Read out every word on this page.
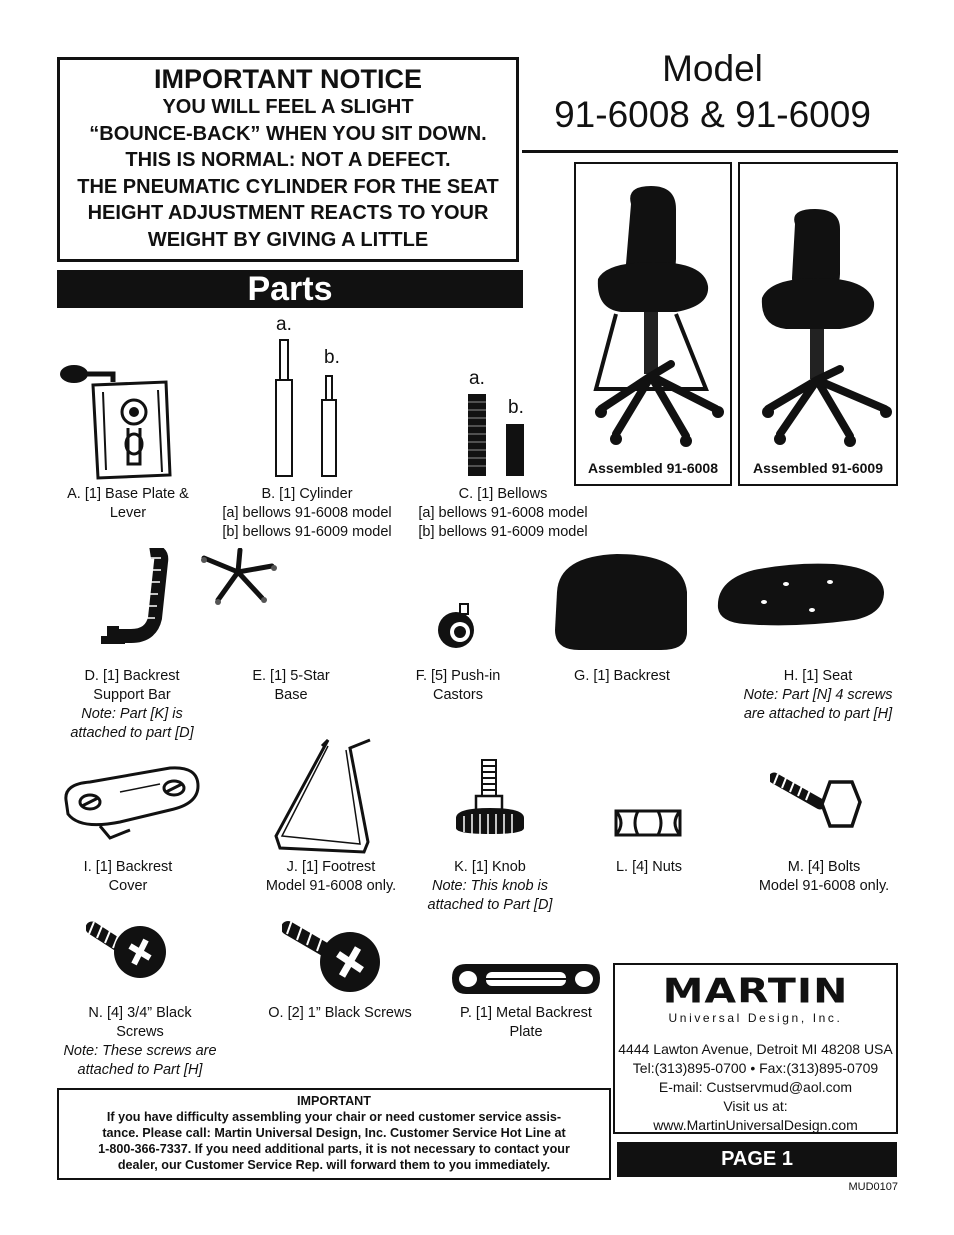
IMPORTANT NOTICE
YOU WILL FEEL A SLIGHT
“BOUNCE-BACK” WHEN YOU SIT DOWN.
THIS IS NORMAL: NOT A DEFECT.
THE PNEUMATIC CYLINDER FOR THE SEAT
HEIGHT ADJUSTMENT REACTS TO YOUR
WEIGHT BY GIVING A LITTLE
Model
91-6008 & 91-6009
Parts
Assembled 91-6008	Assembled 91-6009
a.
b.
a.
b.
A. [1] Base Plate &
Lever
B. [1] Cylinder
[a] bellows 91-6008 model
[b] bellows 91-6009 model
C. [1] Bellows
[a] bellows 91-6008 model
[b] bellows 91-6009 model
D. [1] Backrest
Support Bar
Note: Part [K] is
attached to part [D]
E. [1] 5-Star
Base
F. [5] Push-in
Castors
G. [1] Backrest	H. [1] Seat
Note: Part [N] 4 screws
are attached to part [H]
I. [1] Backrest
Cover
J. [1] Footrest
Model 91-6008 only.
K. [1] Knob
Note: This knob is
attached to Part [D]
L. [4] Nuts	M. [4] Bolts
Model 91-6008 only.
N. [4] 3/4” Black
Screws
Note: These screws are
attached to Part [H]
O. [2] 1” Black Screws	P. [1] Metal Backrest
Plate
IMPORTANT
If you have difficulty assembling your chair or need customer service assis-
tance. Please call: Martin Universal Design, Inc. Customer Service Hot Line at
1-800-366-7337. If you need additional parts, it is not necessary to contact your
dealer, our Customer Service Rep. will forward them to you immediately.
MARTIN
Universal Design, Inc.
4444 Lawton Avenue, Detroit MI 48208 USA
Tel:(313)895-0700 • Fax:(313)895-0709
E-mail: Custservmud@aol.com
Visit us at:
www.MartinUniversalDesign.com
PAGE 1
MUD0107
